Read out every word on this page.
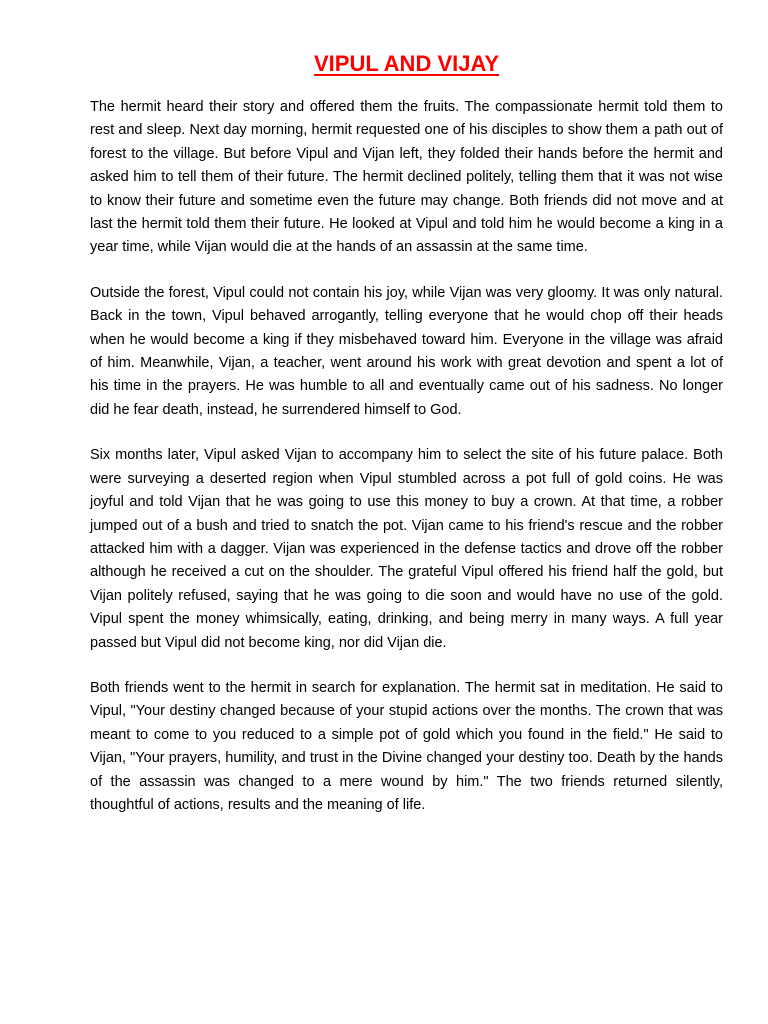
VIPUL AND VIJAY

The hermit heard their story and offered them the fruits. The compassionate hermit told them to rest and sleep. Next day morning, hermit requested one of his disciples to show them a path out of forest to the village. But before Vipul and Vijan left, they folded their hands before the hermit and asked him to tell them of their future. The hermit declined politely, telling them that it was not wise to know their future and sometime even the future may change. Both friends did not move and at last the hermit told them their future. He looked at Vipul and told him he would become a king in a year time, while Vijan would die at the hands of an assassin at the same time.

Outside the forest, Vipul could not contain his joy, while Vijan was very gloomy. It was only natural. Back in the town, Vipul behaved arrogantly, telling everyone that he would chop off their heads when he would become a king if they misbehaved toward him. Everyone in the village was afraid of him. Meanwhile, Vijan, a teacher, went around his work with great devotion and spent a lot of his time in the prayers. He was humble to all and eventually came out of his sadness. No longer did he fear death, instead, he surrendered himself to God.

Six months later, Vipul asked Vijan to accompany him to select the site of his future palace. Both were surveying a deserted region when Vipul stumbled across a pot full of gold coins. He was joyful and told Vijan that he was going to use this money to buy a crown. At that time, a robber jumped out of a bush and tried to snatch the pot. Vijan came to his friend's rescue and the robber attacked him with a dagger. Vijan was experienced in the defense tactics and drove off the robber although he received a cut on the shoulder. The grateful Vipul offered his friend half the gold, but Vijan politely refused, saying that he was going to die soon and would have no use of the gold. Vipul spent the money whimsically, eating, drinking, and being merry in many ways. A full year passed but Vipul did not become king, nor did Vijan die.

Both friends went to the hermit in search for explanation. The hermit sat in meditation. He said to Vipul, "Your destiny changed because of your stupid actions over the months. The crown that was meant to come to you reduced to a simple pot of gold which you found in the field." He said to Vijan, "Your prayers, humility, and trust in the Divine changed your destiny too. Death by the hands of the assassin was changed to a mere wound by him." The two friends returned silently, thoughtful of actions, results and the meaning of life.
